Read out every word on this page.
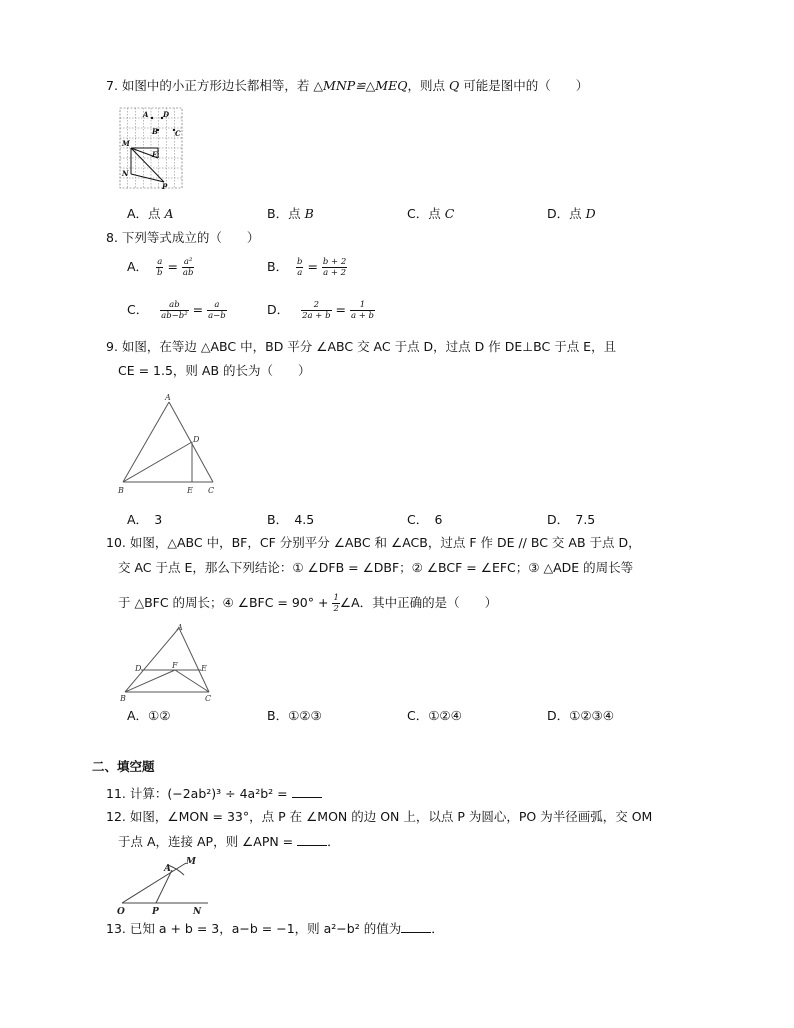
7. 如图中的小正方形边长都相等，若 △MNP≌△MEQ，则点 Q 可能是图中的（　　）
A D
B C
M
E
N
P
A．点 A	B．点 B	C．点 C	D．点 D
8. 下列等式成立的（　　）
A． $\frac{a}{b} = \frac{\text{a²}}{ab}$	B． $\frac{b}{a} = \frac{b + 2}{a + 2}$
C． $\frac{ab}{\text{ab−b²}} = \frac{a}{a-b}$	D． $\frac{2}{2a + b} = \frac{1}{a + b}$
9. 如图，在等边 △ABC 中，BD 平分 ∠ABC 交 AC 于点 D，过点 D 作 DE⊥BC 于点 E，且
CE = 1.5，则 AB 的长为（　　）
A
D
B	E C
A．　3	B．　4.5	C．　6	D．　7.5
10. 如图，△ABC 中，BF，CF 分别平分 ∠ABC 和 ∠ACB，过点 F 作 DE // BC 交 AB 于点 D，
交 AC 于点 E，那么下列结论：① ∠DFB = ∠DBF；② ∠BCF = ∠EFC；③ △ADE 的周长等
于 △BFC 的周长；④ ∠BFC = $90^\circ + \frac{1}{2}$ ∠A．其中正确的是（　　）
A
D	F	E
B	C
A．①②	B．①②③	C．①②④	D．①②③④
二、填空题
11. 计算：(−2ab²)³ ÷ 4a²b² =
12. 如图，∠MON = 33°，点 P 在 ∠MON 的边 ON 上，以点 P 为圆心，PO 为半径画弧，交 OM
于点 A，连接 AP，则 ∠APN =	．
M
A
O	P	N
13. 已知 a + b = 3，a−b = −1，则 a²−b² 的值为 ．
